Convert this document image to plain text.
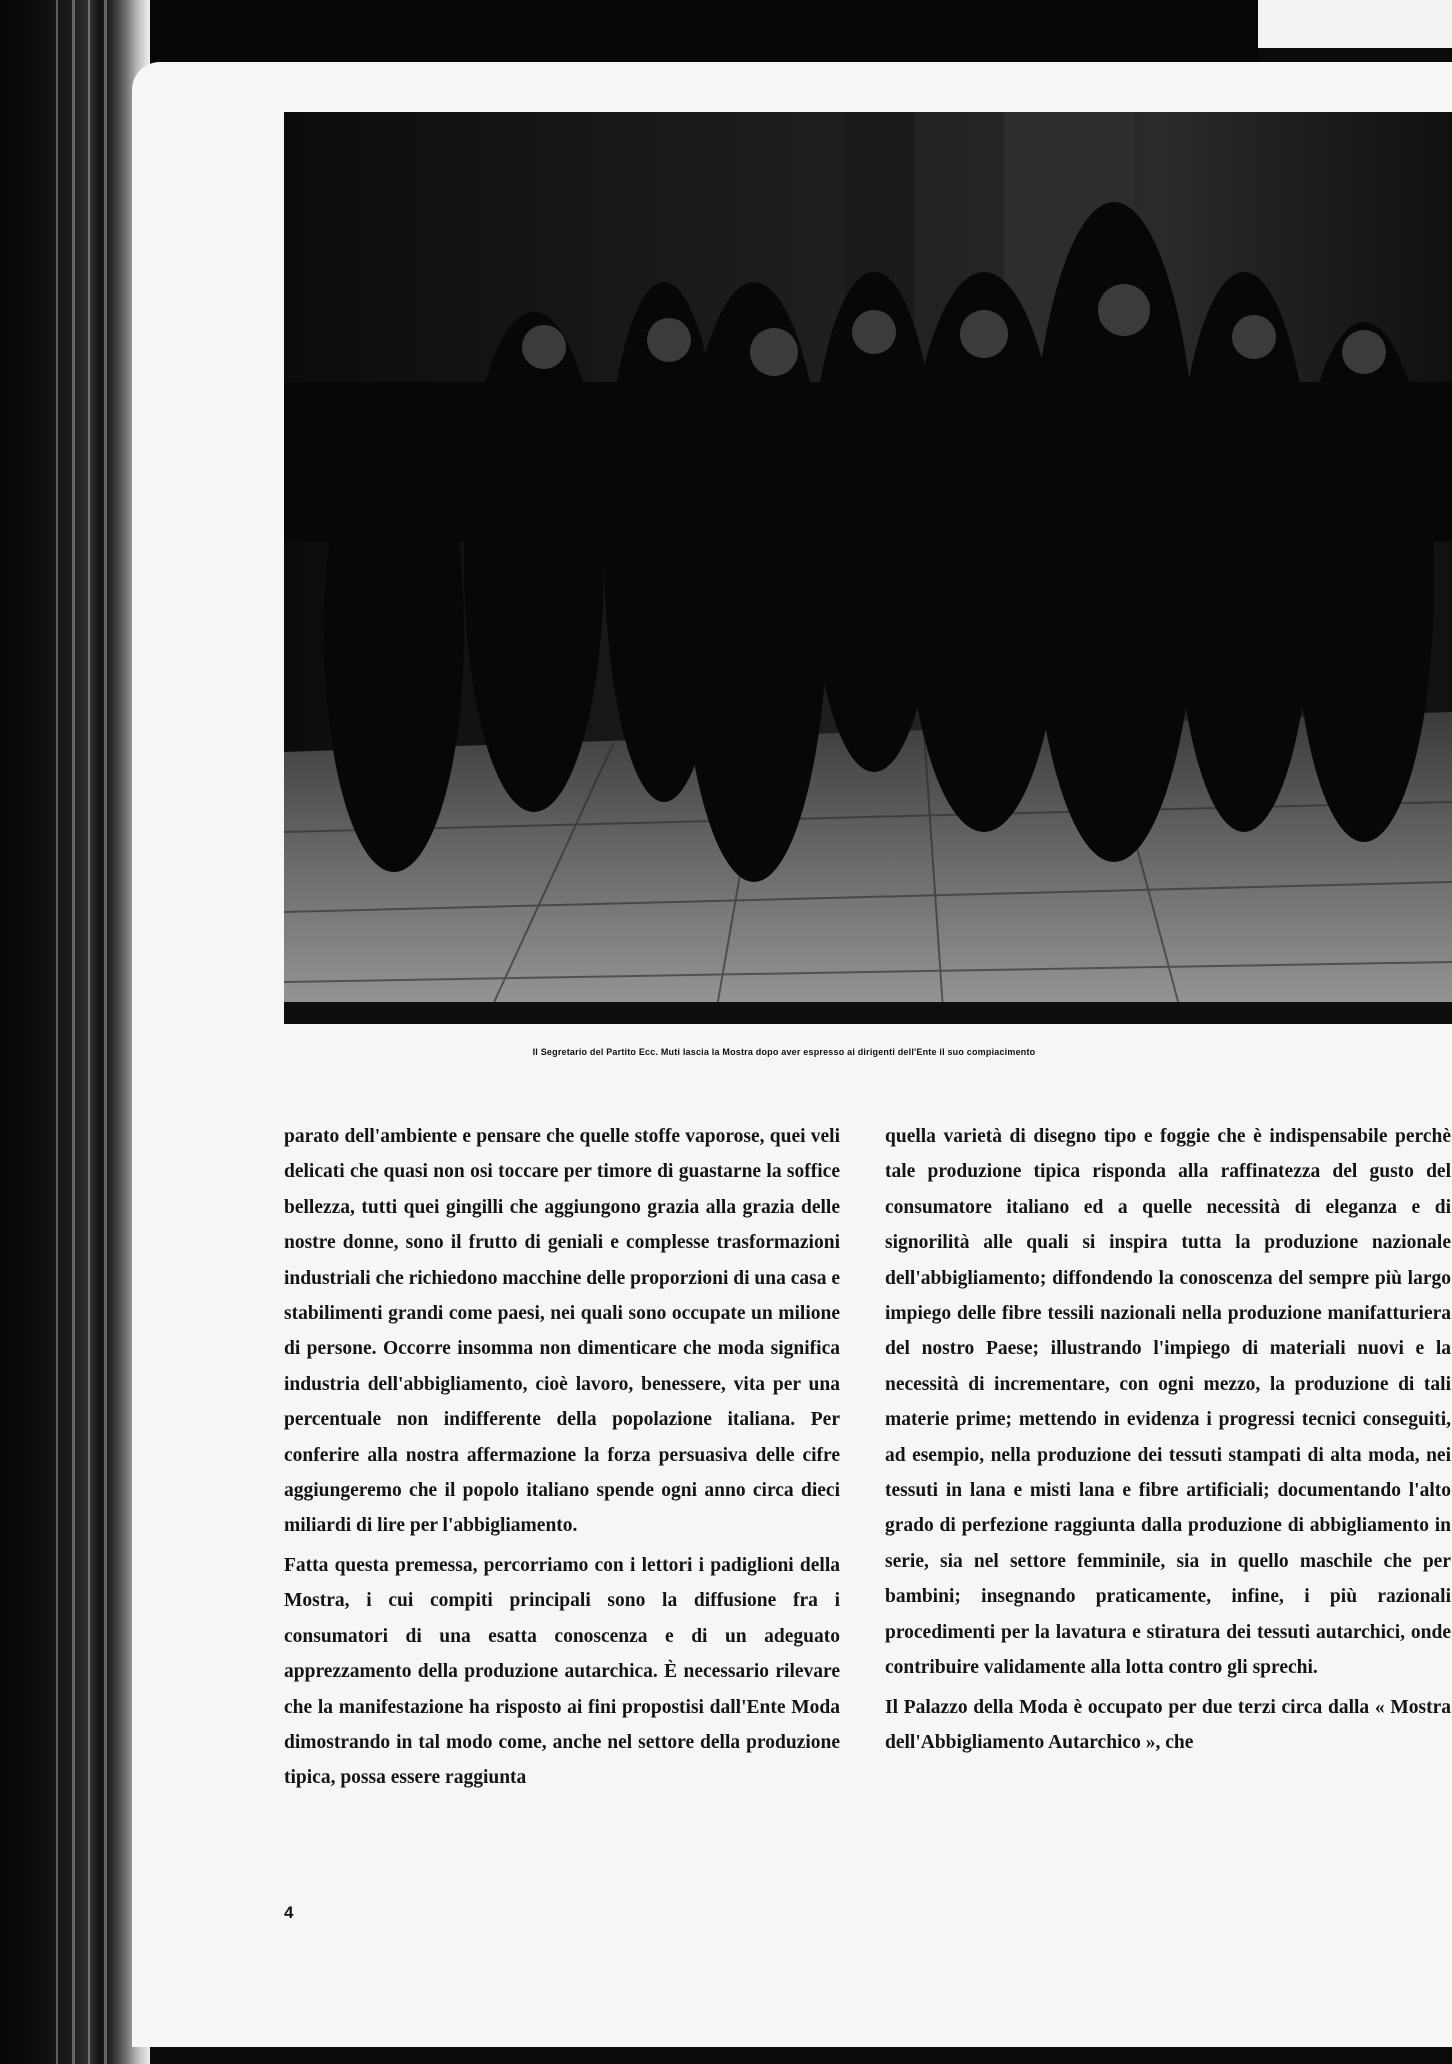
Il Segretario del Partito Ecc. Muti lascia la Mostra dopo aver espresso ai dirigenti dell'Ente il suo compiacimento

parato dell'ambiente e pensare che quelle stoffe vaporose, quei veli delicati che quasi non osi toccare per timore di guastarne la soffice bellezza, tutti quei gingilli che aggiungono grazia alla grazia delle nostre donne, sono il frutto di geniali e complesse trasformazioni industriali che richiedono macchine delle proporzioni di una casa e stabilimenti grandi come paesi, nei quali sono occupate un milione di persone. Occorre insomma non dimenticare che moda significa industria dell'abbigliamento, cioè lavoro, benessere, vita per una percentuale non indifferente della popolazione italiana. Per conferire alla nostra affermazione la forza persuasiva delle cifre aggiungeremo che il popolo italiano spende ogni anno circa dieci miliardi di lire per l'abbigliamento.

Fatta questa premessa, percorriamo con i lettori i padiglioni della Mostra, i cui compiti principali sono la diffusione fra i consumatori di una esatta conoscenza e di un adeguato apprezzamento della produzione autarchica. È necessario rilevare che la manifestazione ha risposto ai fini propostisi dall'Ente Moda dimostrando in tal modo come, anche nel settore della produzione tipica, possa essere raggiunta

quella varietà di disegno tipo e foggie che è indispensabile perchè tale produzione tipica risponda alla raffinatezza del gusto del consumatore italiano ed a quelle necessità di eleganza e di signorilità alle quali si inspira tutta la produzione nazionale dell'abbigliamento; diffondendo la conoscenza del sempre più largo impiego delle fibre tessili nazionali nella produzione manifatturiera del nostro Paese; illustrando l'impiego di materiali nuovi e la necessità di incrementare, con ogni mezzo, la produzione di tali materie prime; mettendo in evidenza i progressi tecnici conseguiti, ad esempio, nella produzione dei tessuti stampati di alta moda, nei tessuti in lana e misti lana e fibre artificiali; documentando l'alto grado di perfezione raggiunta dalla produzione di abbigliamento in serie, sia nel settore femminile, sia in quello maschile che per bambini; insegnando praticamente, infine, i più razionali procedimenti per la lavatura e stiratura dei tessuti autarchici, onde contribuire validamente alla lotta contro gli sprechi.

Il Palazzo della Moda è occupato per due terzi circa dalla « Mostra dell'Abbigliamento Autarchico », che

4
